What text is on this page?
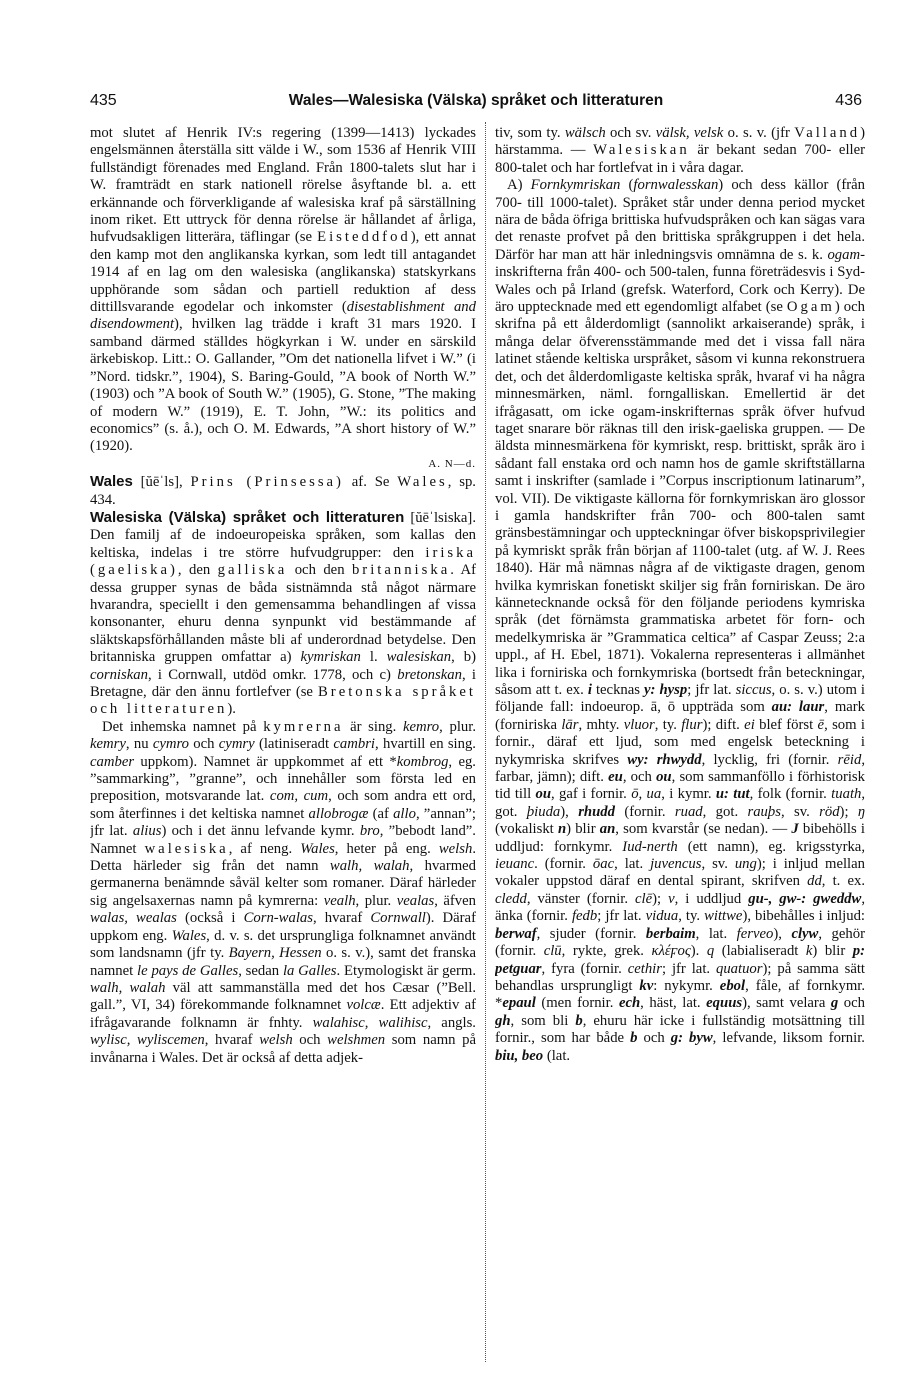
435	Wales—Walesiska (Välska) språket och litteraturen	436

mot slutet af Henrik IV:s regering (1399—1413) lyckades engelsmännen återställa sitt välde i W., som 1536 af Henrik VIII fullständigt förenades med England. Från 1800-talets slut har i W. framträdt en stark nationell rörelse åsyftande bl. a. ett erkännande och förverkligande af walesiska kraf på särställning inom riket. Ett uttryck för denna rörelse är hållandet af årliga, hufvudsakligen litterära, täflingar (se Eisteddfod), ett annat den kamp mot den anglikanska kyrkan, som ledt till antagandet 1914 af en lag om den walesiska (anglikanska) statskyrkans upphörande som sådan och partiell reduktion af dess dittillsvarande egodelar och inkomster (disestablishment and disendowment), hvilken lag trädde i kraft 31 mars 1920. I samband därmed ställdes högkyrkan i W. under en särskild ärkebiskop. Litt.: O. Gallander, ”Om det nationella lifvet i W.” (i ”Nord. tidskr.”, 1904), S. Baring-Gould, ”A book of North W.” (1903) och ”A book of South W.” (1905), G. Stone, ”The making of modern W.” (1919), E. T. John, ”W.: its politics and economics” (s. å.), och O. M. Edwards, ”A short history of W.” (1920).

A. N—d.

Wales [ŭēˈls], Prins (Prinsessa) af. Se Wales, sp. 434.

Walesiska (Välska) språket och litteraturen [ŭēˈlsiska]. Den familj af de indoeuropeiska språken, som kallas den keltiska, indelas i tre större hufvudgrupper: den iriska (gaeliska), den galliska och den britanniska. Af dessa grupper synas de båda sistnämnda stå något närmare hvarandra, speciellt i den gemensamma behandlingen af vissa konsonanter, ehuru denna synpunkt vid bestämmande af släktskapsförhållanden måste bli af underordnad betydelse. Den britanniska gruppen omfattar a) kymriskan l. walesiskan, b) corniskan, i Cornwall, utdöd omkr. 1778, och c) bretonskan, i Bretagne, där den ännu fortlefver (se Bretonska språket och litteraturen).

Det inhemska namnet på kymrerna är sing. kemro, plur. kemry, nu cymro och cymry (latiniseradt cambri, hvartill en sing. camber uppkom). Namnet är uppkommet af ett *kombrog, eg. ”sammarking”, ”granne”, och innehåller som första led en preposition, motsvarande lat. com, cum, och som andra ett ord, som återfinnes i det keltiska namnet allobrogæ (af allo, ”annan”; jfr lat. alius) och i det ännu lefvande kymr. bro, ”bebodt land”. Namnet walesiska, af neng. Wales, heter på eng. welsh. Detta härleder sig från det namn walh, walah, hvarmed germanerna benämnde såväl kelter som romaner. Däraf härleder sig angelsaxernas namn på kymrerna: vealh, plur. vealas, äfven walas, wealas (också i Corn-walas, hvaraf Cornwall). Däraf uppkom eng. Wales, d. v. s. det ursprungliga folknamnet användt som landsnamn (jfr ty. Bayern, Hessen o. s. v.), samt det franska namnet le pays de Galles, sedan la Galles. Etymologiskt är germ. walh, walah väl att sammanställa med det hos Cæsar (”Bell. gall.”, VI, 34) förekommande folknamnet volcæ. Ett adjektiv af ifrågavarande folknamn är fnhty. walahisc, walihisc, angls. wylisc, wyliscemen, hvaraf welsh och welshmen som namn på invånarna i Wales. Det är också af detta adjek-

tiv, som ty. wälsch och sv. välsk, velsk o. s. v. (jfr Valland) härstamma. — Walesiskan är bekant sedan 700- eller 800-talet och har fortlefvat in i våra dagar.

A) Fornkymriskan (fornwalesskan) och dess källor (från 700- till 1000-talet). Språket står under denna period mycket nära de båda öfriga brittiska hufvudspråken och kan sägas vara det renaste profvet på den brittiska språkgruppen i det hela. Därför har man att här inledningsvis omnämna de s. k. ogam-inskrifterna från 400- och 500-talen, funna företrädesvis i Syd-Wales och på Irland (grefsk. Waterford, Cork och Kerry). De äro upptecknade med ett egendomligt alfabet (se Ogam) och skrifna på ett ålderdomligt (sannolikt arkaiserande) språk, i många delar öfverensstämmande med det i vissa fall nära latinet stående keltiska urspråket, såsom vi kunna rekonstruera det, och det ålderdomligaste keltiska språk, hvaraf vi ha några minnesmärken, näml. forngalliskan. Emellertid är det ifrågasatt, om icke ogam-inskrifternas språk öfver hufvud taget snarare bör räknas till den irisk-gaeliska gruppen. — De äldsta minnesmärkena för kymriskt, resp. brittiskt, språk äro i sådant fall enstaka ord och namn hos de gamle skriftställarna samt i inskrifter (samlade i ”Corpus inscriptionum latinarum”, vol. VII). De viktigaste källorna för fornkymriskan äro glossor i gamla handskrifter från 700- och 800-talen samt gränsbestämningar och uppteckningar öfver biskopsprivilegier på kymriskt språk från början af 1100-talet (utg. af W. J. Rees 1840). Här må nämnas några af de viktigaste dragen, genom hvilka kymriskan fonetiskt skiljer sig från forniriskan. De äro kännetecknande också för den följande periodens kymriska språk (det förnämsta grammatiska arbetet för forn- och medelkymriska är ”Grammatica celtica” af Caspar Zeuss; 2:a uppl., af H. Ebel, 1871). Vokalerna representeras i allmänhet lika i forniriska och fornkymriska (bortsedt från beteckningar, såsom att t. ex. i tecknas y: hysp; jfr lat. siccus, o. s. v.) utom i följande fall: indoeurop. ā, ō uppträda som au: laur, mark (forniriska lār, mhty. vluor, ty. flur); dift. ei blef först ē, som i fornir., däraf ett ljud, som med engelsk beteckning i nykymriska skrifves wy: rhwydd, lycklig, fri (fornir. rēid, farbar, jämn); dift. eu, och ou, som sammanföllo i förhistorisk tid till ou, gaf i fornir. ō, ua, i kymr. u: tut, folk (fornir. tuath, got. þiuda), rhudd (fornir. ruad, got. rauþs, sv. röd); ŋ (vokaliskt n) blir an, som kvarstår (se nedan). — J bibehölls i uddljud: fornkymr. Iud-nerth (ett namn), eg. krigsstyrka, ieuanc. (fornir. ōac, lat. juvencus, sv. ung); i inljud mellan vokaler uppstod däraf en dental spirant, skrifven dd, t. ex. cledd, vänster (fornir. clē); v, i uddljud gu-, gw-: gweddw, änka (fornir. fedb; jfr lat. vidua, ty. wittwe), bibehålles i inljud: berwaf, sjuder (fornir. berbaim, lat. ferveo), clyw, gehör (fornir. clū, rykte, grek. κλέϝος). q (labialiseradt k) blir p: petguar, fyra (fornir. cethir; jfr lat. quatuor); på samma sätt behandlas ursprungligt kv: nykymr. ebol, fåle, af fornkymr. *epaul (men fornir. ech, häst, lat. equus), samt velara g och gh, som bli b, ehuru här icke i fullständig motsättning till fornir., som har både b och g: byw, lefvande, liksom fornir. biu, beo (lat.
